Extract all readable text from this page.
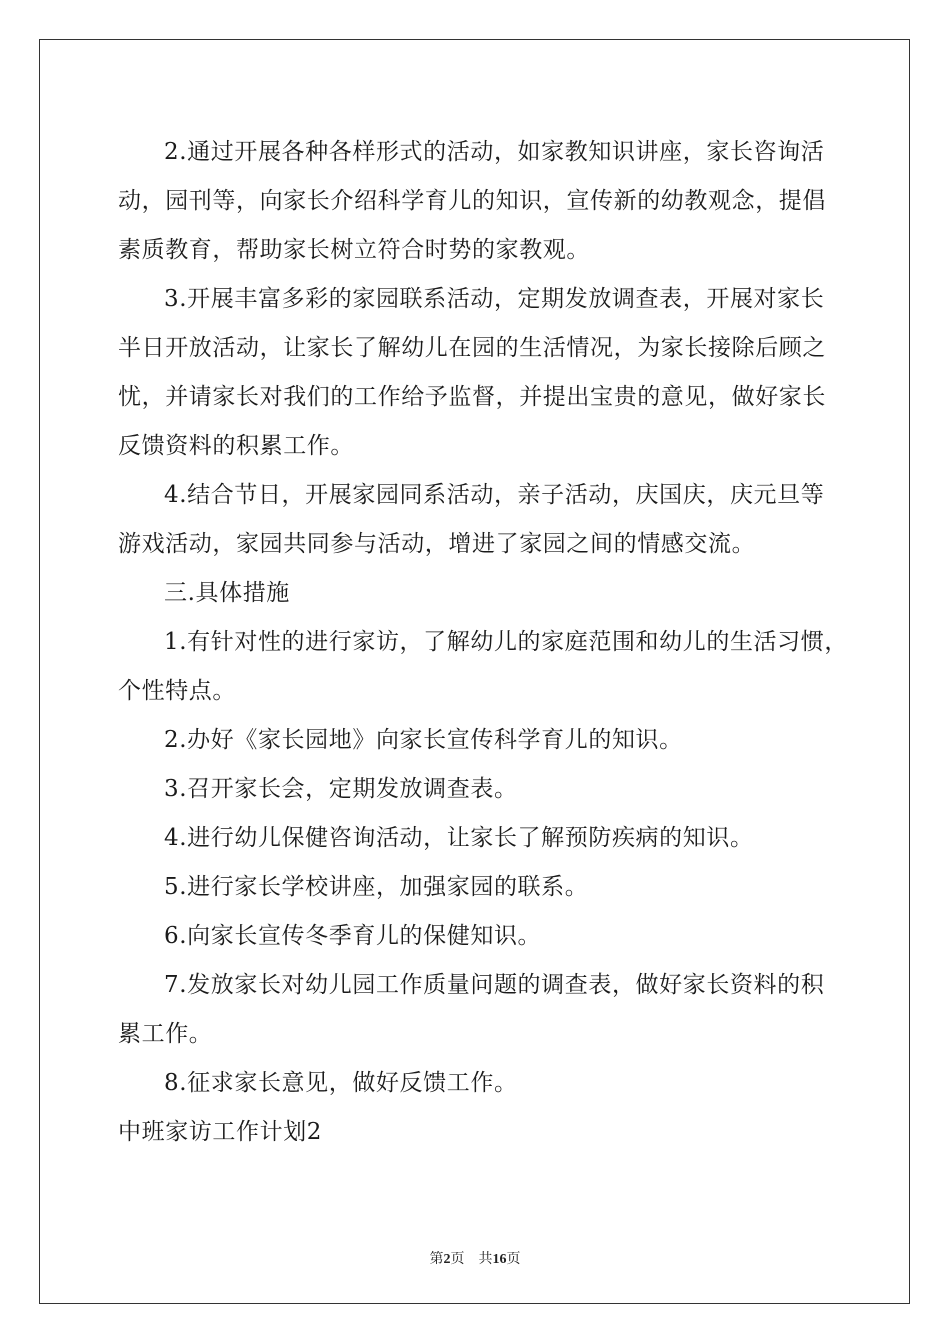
2.通过开展各种各样形式的活动，如家教知识讲座，家长咨询活
动，园刊等，向家长介绍科学育儿的知识，宣传新的幼教观念，提倡
素质教育，帮助家长树立符合时势的家教观。
3.开展丰富多彩的家园联系活动，定期发放调查表，开展对家长
半日开放活动，让家长了解幼儿在园的生活情况，为家长接除后顾之
忧，并请家长对我们的工作给予监督，并提出宝贵的意见，做好家长
反馈资料的积累工作。
4.结合节日，开展家园同系活动，亲子活动，庆国庆，庆元旦等
游戏活动，家园共同参与活动，增进了家园之间的情感交流。
三.具体措施
1.有针对性的进行家访，了解幼儿的家庭范围和幼儿的生活习惯，
个性特点。
2.办好《家长园地》向家长宣传科学育儿的知识。
3.召开家长会，定期发放调查表。
4.进行幼儿保健咨询活动，让家长了解预防疾病的知识。
5.进行家长学校讲座，加强家园的联系。
6.向家长宣传冬季育儿的保健知识。
7.发放家长对幼儿园工作质量问题的调查表，做好家长资料的积
累工作。
8.征求家长意见，做好反馈工作。
中班家访工作计划2
第2页 共16页
